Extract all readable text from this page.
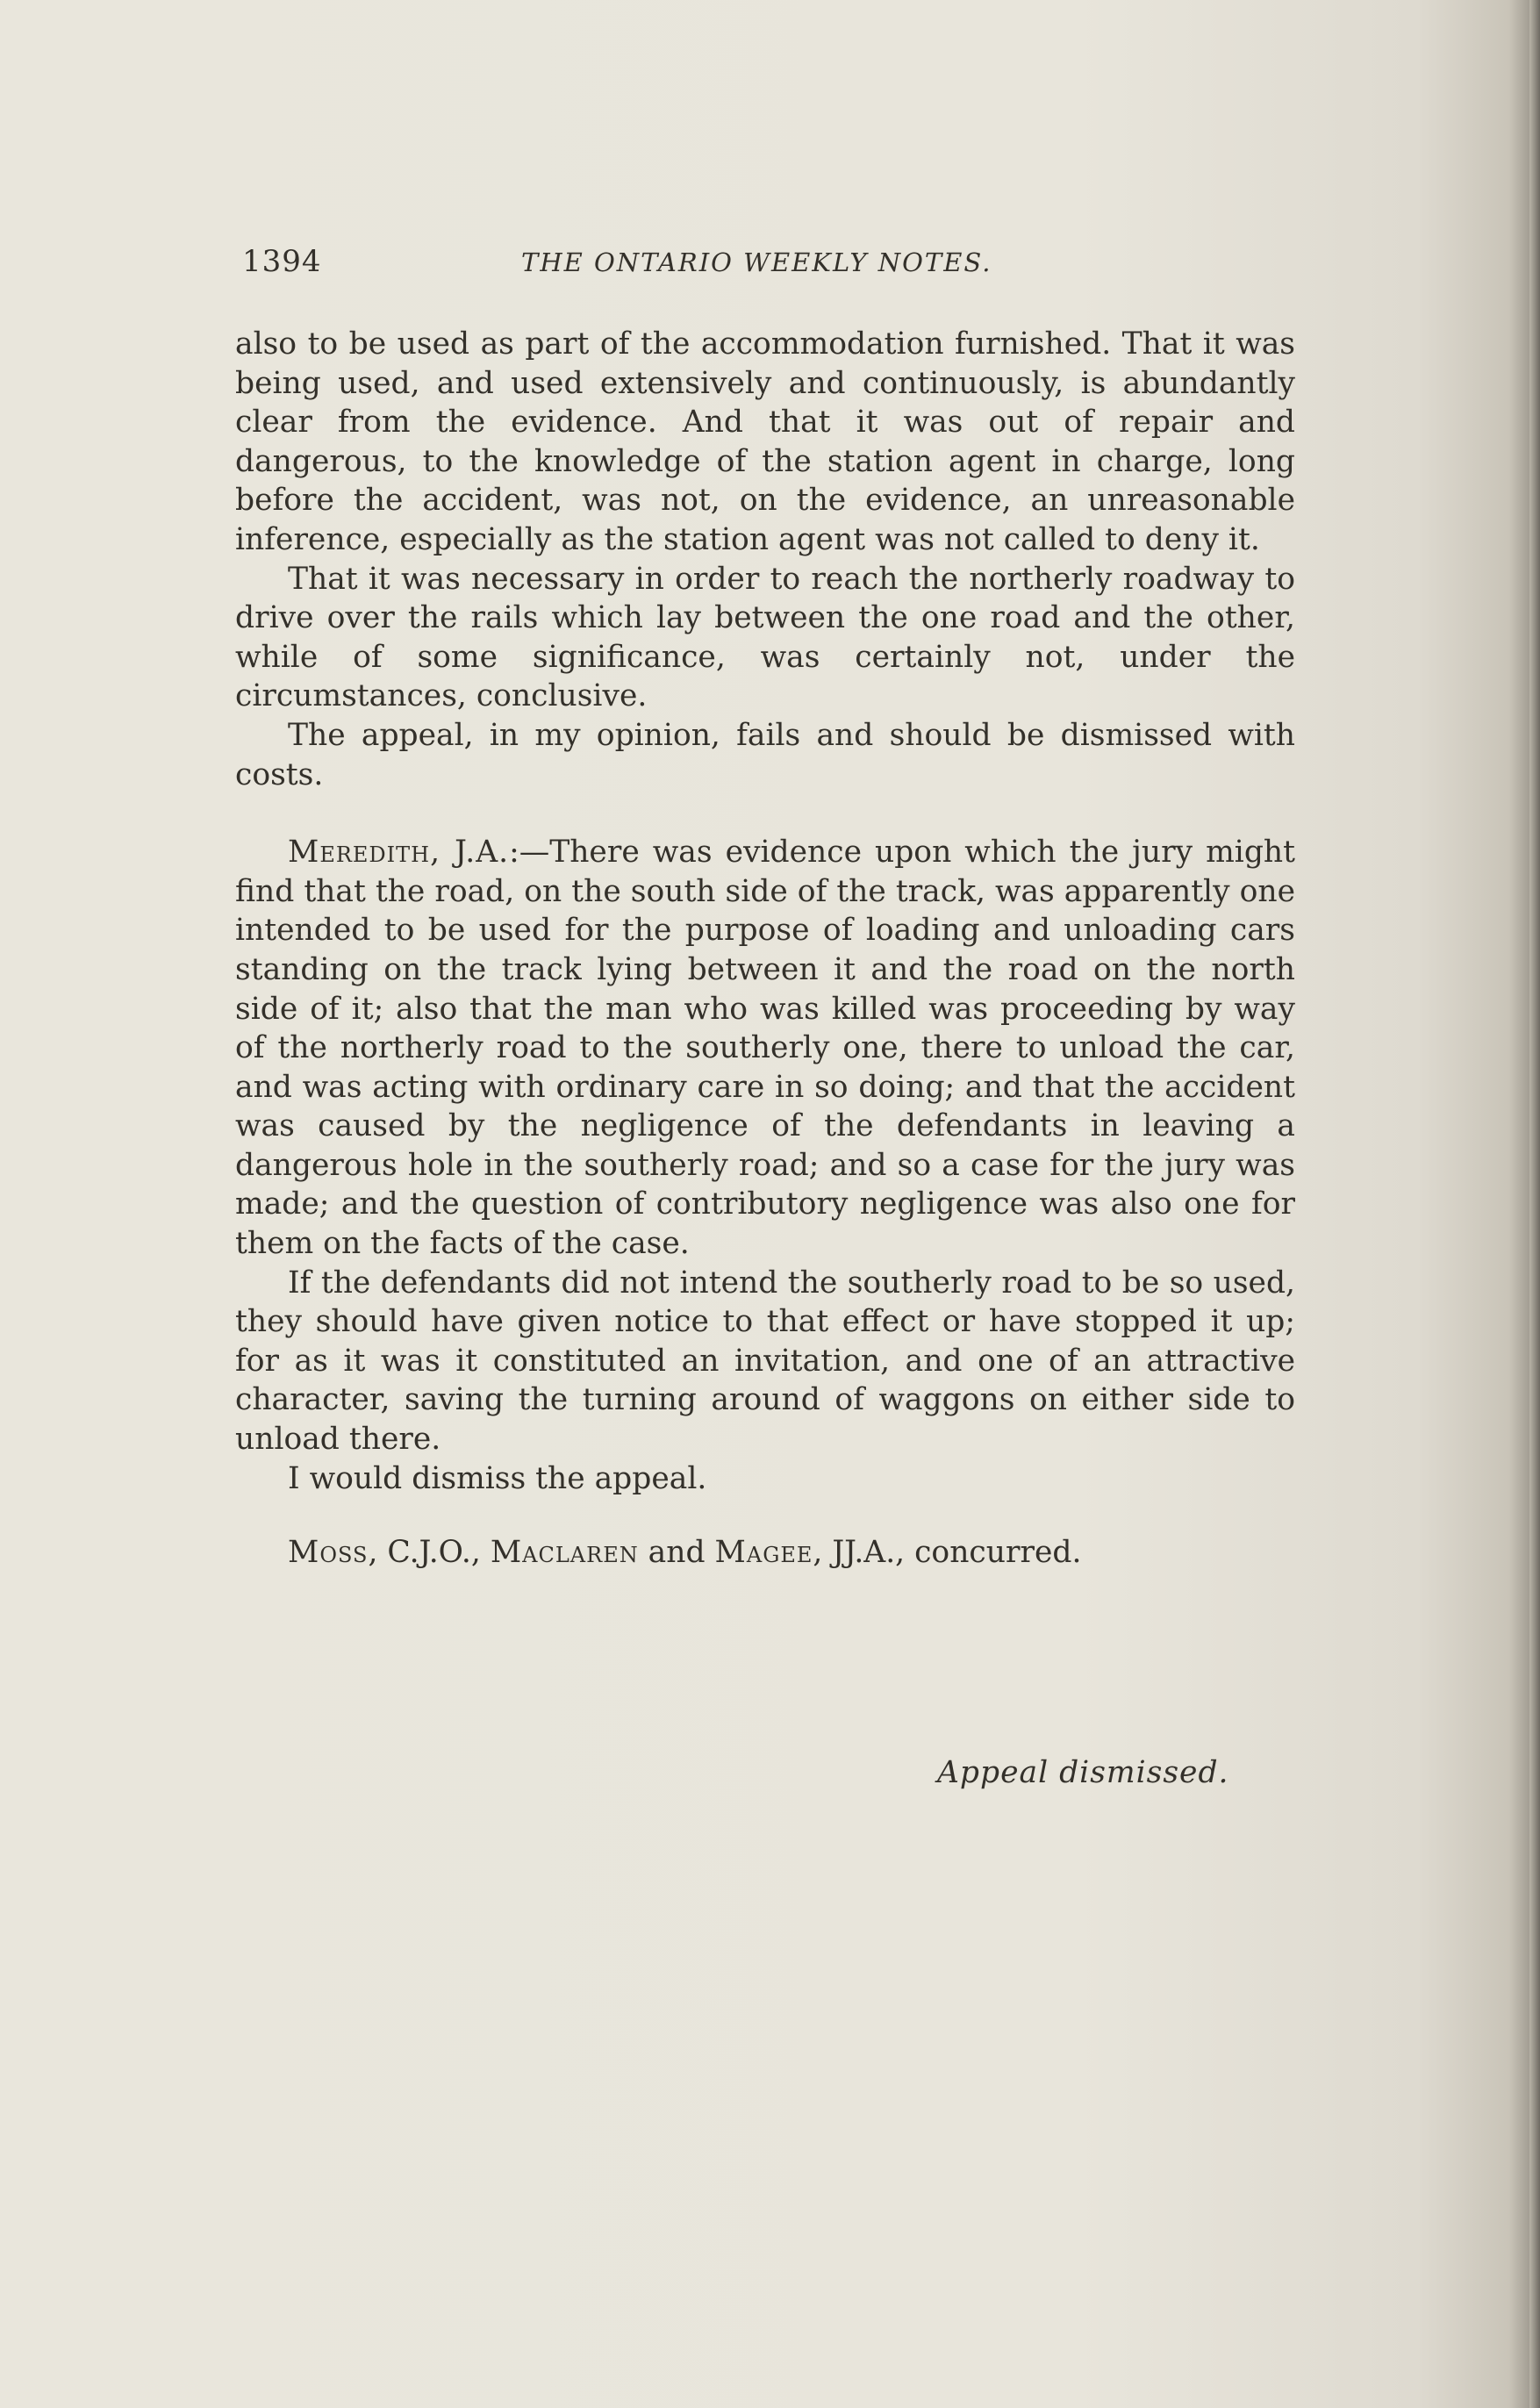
1394	THE ONTARIO WEEKLY NOTES.

also to be used as part of the accommodation furnished. That it was being used, and used extensively and continuously, is abundantly clear from the evidence. And that it was out of repair and dangerous, to the knowledge of the station agent in charge, long before the accident, was not, on the evidence, an unreasonable inference, especially as the station agent was not called to deny it.

That it was necessary in order to reach the northerly roadway to drive over the rails which lay between the one road and the other, while of some significance, was certainly not, under the circumstances, conclusive.

The appeal, in my opinion, fails and should be dismissed with costs.

Meredith, J.A.:—There was evidence upon which the jury might find that the road, on the south side of the track, was apparently one intended to be used for the purpose of loading and unloading cars standing on the track lying between it and the road on the north side of it; also that the man who was killed was proceeding by way of the northerly road to the southerly one, there to unload the car, and was acting with ordinary care in so doing; and that the accident was caused by the negligence of the defendants in leaving a dangerous hole in the southerly road; and so a case for the jury was made; and the question of contributory negligence was also one for them on the facts of the case.

If the defendants did not intend the southerly road to be so used, they should have given notice to that effect or have stopped it up; for as it was it constituted an invitation, and one of an attractive character, saving the turning around of waggons on either side to unload there.

I would dismiss the appeal.

Moss, C.J.O., Maclaren and Magee, JJ.A., concurred.

Appeal dismissed.
